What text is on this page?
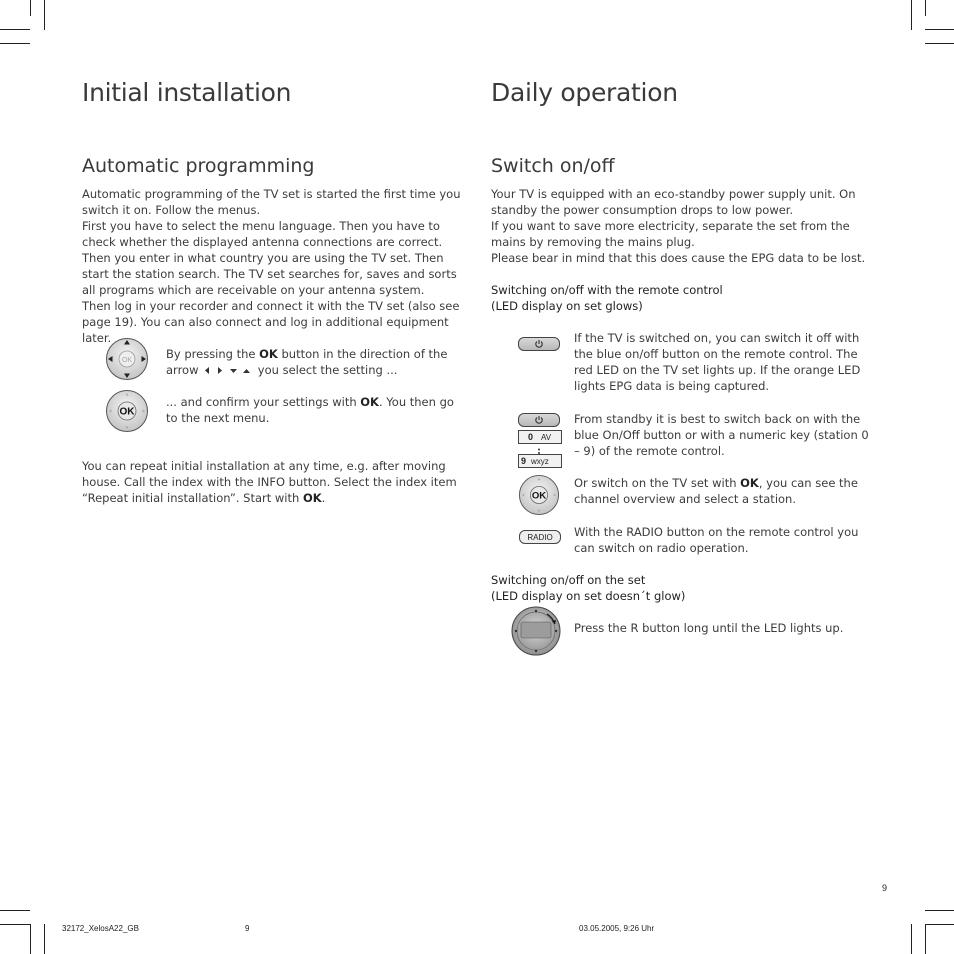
Initial installation
Automatic programming

Automatic programming of the TV set is started the first time you switch it on. Follow the menus.

First you have to select the menu language. Then you have to check whether the displayed antenna connections are correct. Then you enter in what country you are using the TV set. Then start the station search. The TV set searches for, saves and sorts all programs which are receivable on your antenna system.

Then log in your recorder and connect it with the TV set (also see page 19). You can also connect and log in additional equipment later.

OK	By pressing the OK button in the direction of the arrow	you select the setting ...
OK
... and confirm your settings with OK. You then go to the next menu.
You can repeat initial installation at any time, e.g. after moving house. Call the index with the INFO button. Select the index item “Repeat initial installation”. Start with OK.
Daily operation
Switch on/off

Your TV is equipped with an eco-standby power supply unit. On standby the power consumption drops to low power.

If you want to save more electricity, separate the set from the mains by removing the mains plug.

Please bear in mind that this does cause the EPG data to be lost.

Switching on/off with the remote control
(LED display on set glows)
If the TV is switched on, you can switch it off with the blue on/off button on the remote control. The red LED on the TV set lights up. If the orange LED lights EPG data is being captured.
0 AV
9 wxyz
From standby it is best to switch back on with the blue On/Off button or with a numeric key (station 0 – 9) of the remote control.
OK
Or switch on the TV set with OK, you can see the channel overview and select a station.
RADIO With the RADIO button on the remote control you can switch on radio operation.
Switching on/off on the set
(LED display on set doesn´t glow)
Press the R button long until the LED lights up.
9
32172_XelosA22_GB	9	03.05.2005, 9:26 Uhr
